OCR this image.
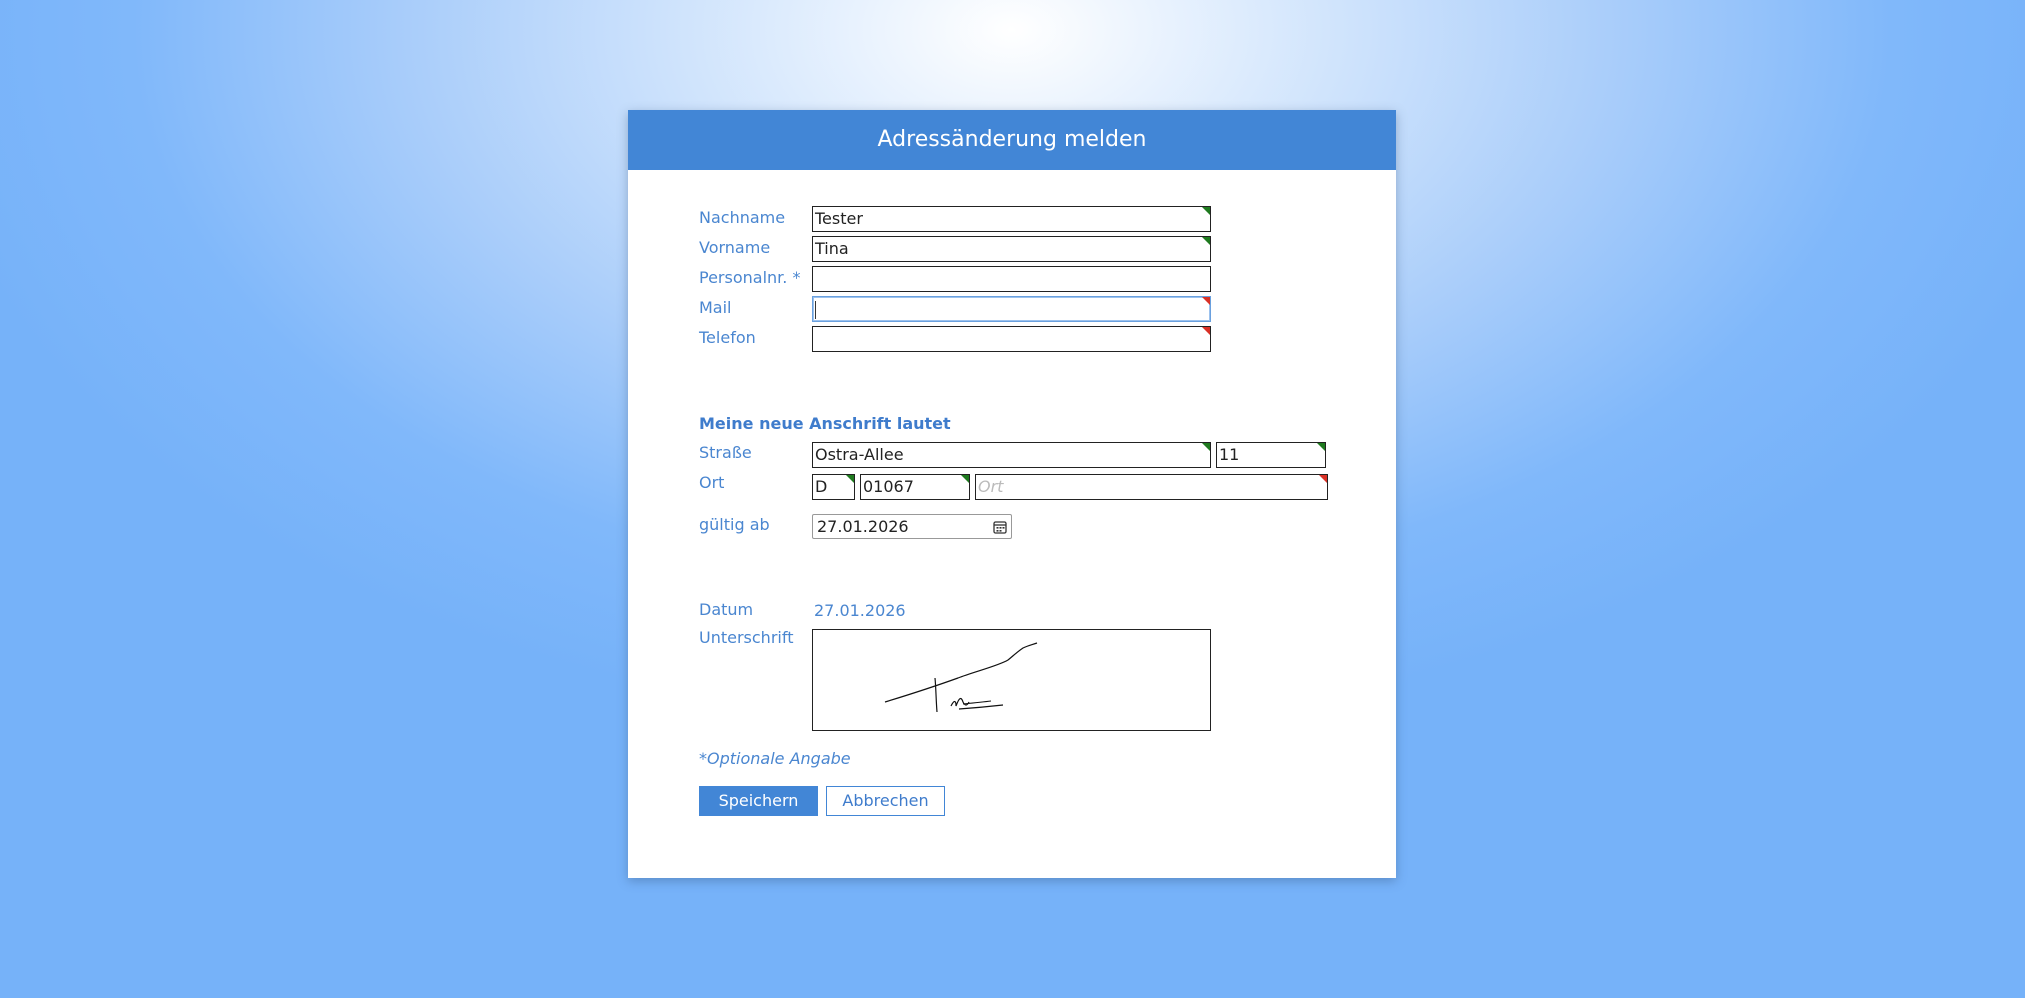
Adressänderung melden
Nachname Tester
Vorname	Tina
Personalnr. *
Mail
Telefon
Meine neue Anschrift lautet
Straße	Ostra-Allee	11
Ort	D	01067	Ort
gültig ab	27.01.2026
Datum	27.01.2026
Unterschrift
*Optionale Angabe
Speichern	Abbrechen
